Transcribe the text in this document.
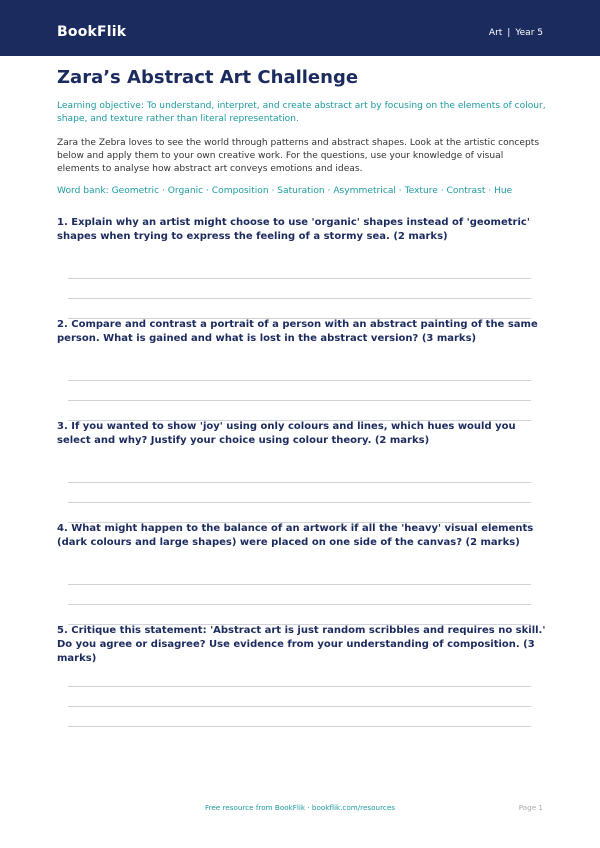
BookFlik	Art | Year 5
Zara’s Abstract Art Challenge
Learning objective: To understand, interpret, and create abstract art by focusing on the elements of colour, shape, and texture rather than literal representation.
Zara the Zebra loves to see the world through patterns and abstract shapes. Look at the artistic concepts below and apply them to your own creative work. For the questions, use your knowledge of visual elements to analyse how abstract art conveys emotions and ideas.
Word bank: Geometric · Organic · Composition · Saturation · Asymmetrical · Texture · Contrast · Hue
1. Explain why an artist might choose to use 'organic' shapes instead of 'geometric' shapes when trying to express the feeling of a stormy sea. (2 marks)
2. Compare and contrast a portrait of a person with an abstract painting of the same person. What is gained and what is lost in the abstract version? (3 marks)
3. If you wanted to show 'joy' using only colours and lines, which hues would you select and why? Justify your choice using colour theory. (2 marks)
4. What might happen to the balance of an artwork if all the 'heavy' visual elements (dark colours and large shapes) were placed on one side of the canvas? (2 marks)
5. Critique this statement: 'Abstract art is just random scribbles and requires no skill.' Do you agree or disagree? Use evidence from your understanding of composition. (3 marks)
Free resource from BookFlik · bookflik.com/resources	Page 1
